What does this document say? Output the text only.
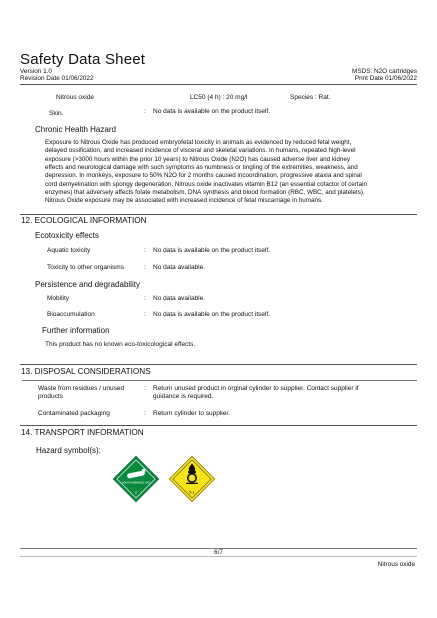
Safety Data Sheet
Version 1.0
Revision Date 01/06/2022
MSDS: N2O cartridges
Print Date 01/06/2022
Nitrous oxide	LC50 (4 h) : 20 mg/l	Species : Rat.
Skin.	: No data is available on the product itself.
Chronic Health Hazard
Exposure to Nitrous Oxide has produced embryofetal toxicity in animals as evidenced by reduced fetal weight,
delayed ossification, and increased incidence of visceral and skeletal variations. In humans, repeated high-level
exposure (>3000 hours within the prior 10 years) to Nitrous Oxide (N2O) has caused adverse liver and kidney
effects and neurological damage with such symptoms as numbness or tingling of the extremities, weakness, and
depression. In monkeys, exposure to 50% N2O for 2 months caused incoordination, progressive ataxia and spinal
cord demyelination with spongy degeneration. Nitrous oxide inactivates vitamin B12 (an essential cofactor of certain
enzymes) that adversely affects folate metabolism, DNA synthesis and blood formation (RBC, WBC, and platelets).
Nitrous Oxide exposure may be associated with increased incidence of fetal miscarriage in humans.
12. ECOLOGICAL INFORMATION
Ecotoxicity effects
Aquatic toxicity	: No data is available on the product itself.
Toxicity to other organisms	: No data available.
Persistence and degradability
Mobility	: No data available.
Bioaccumulation	: No data is available on the product itself.
Further information
This product has no known eco-toxicological effects.
13. DISPOSAL CONSIDERATIONS
Waste from residues / unused
products
: Return unused product in orginal cylinder to supplier. Contact supplier if
guidance is required.
Contaminated packaging	: Return cylinder to supplier.
14. TRANSPORT INFORMATION
Hazard symbol(s):
NON-FLAMMABLE GAS
2	5.1
6/7
Nitrous oxide
